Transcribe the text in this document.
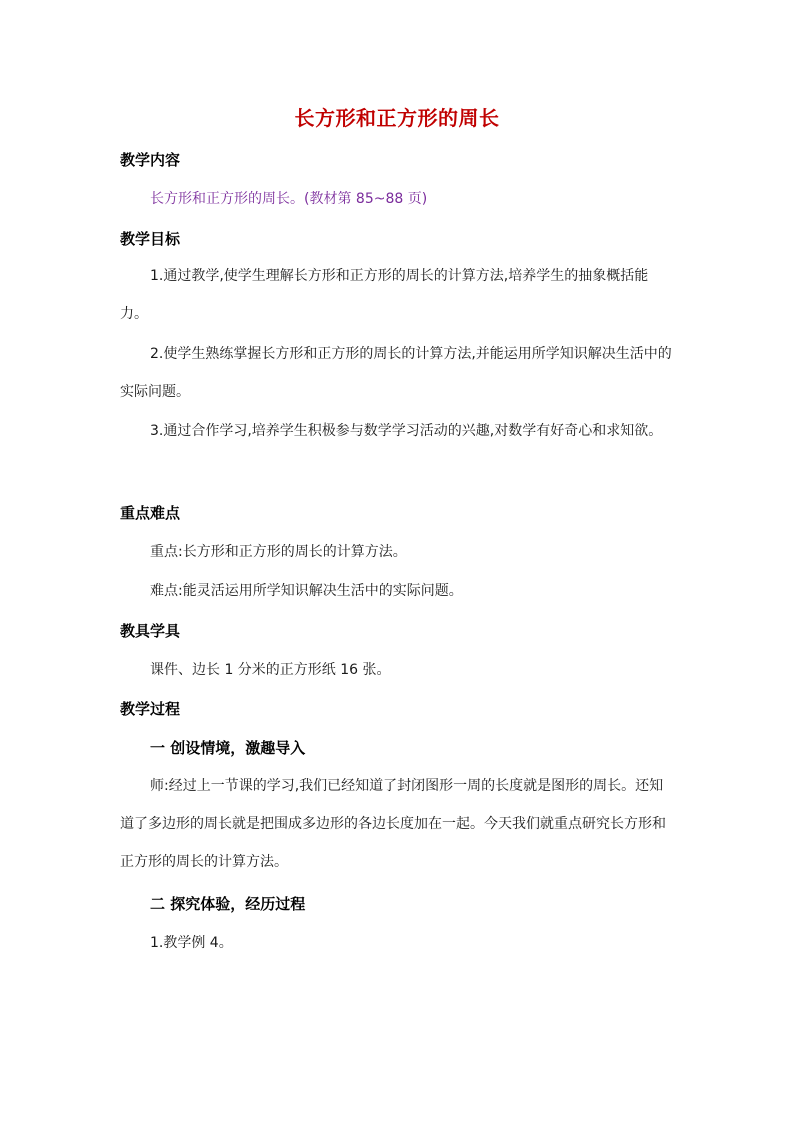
长方形和正方形的周长
教学内容
长方形和正方形的周长。(教材第 85~88 页)
教学目标
1.通过教学,使学生理解长方形和正方形的周长的计算方法,培养学生的抽象概括能力。
2.使学生熟练掌握长方形和正方形的周长的计算方法,并能运用所学知识解决生活中的实际问题。
3.通过合作学习,培养学生积极参与数学学习活动的兴趣,对数学有好奇心和求知欲。
重点难点
重点:长方形和正方形的周长的计算方法。
难点:能灵活运用所学知识解决生活中的实际问题。
教具学具
课件、边长 1 分米的正方形纸 16 张。
教学过程
一 创设情境，激趣导入
师:经过上一节课的学习,我们已经知道了封闭图形一周的长度就是图形的周长。还知道了多边形的周长就是把围成多边形的各边长度加在一起。今天我们就重点研究长方形和正方形的周长的计算方法。
二 探究体验，经历过程
1.教学例 4。
